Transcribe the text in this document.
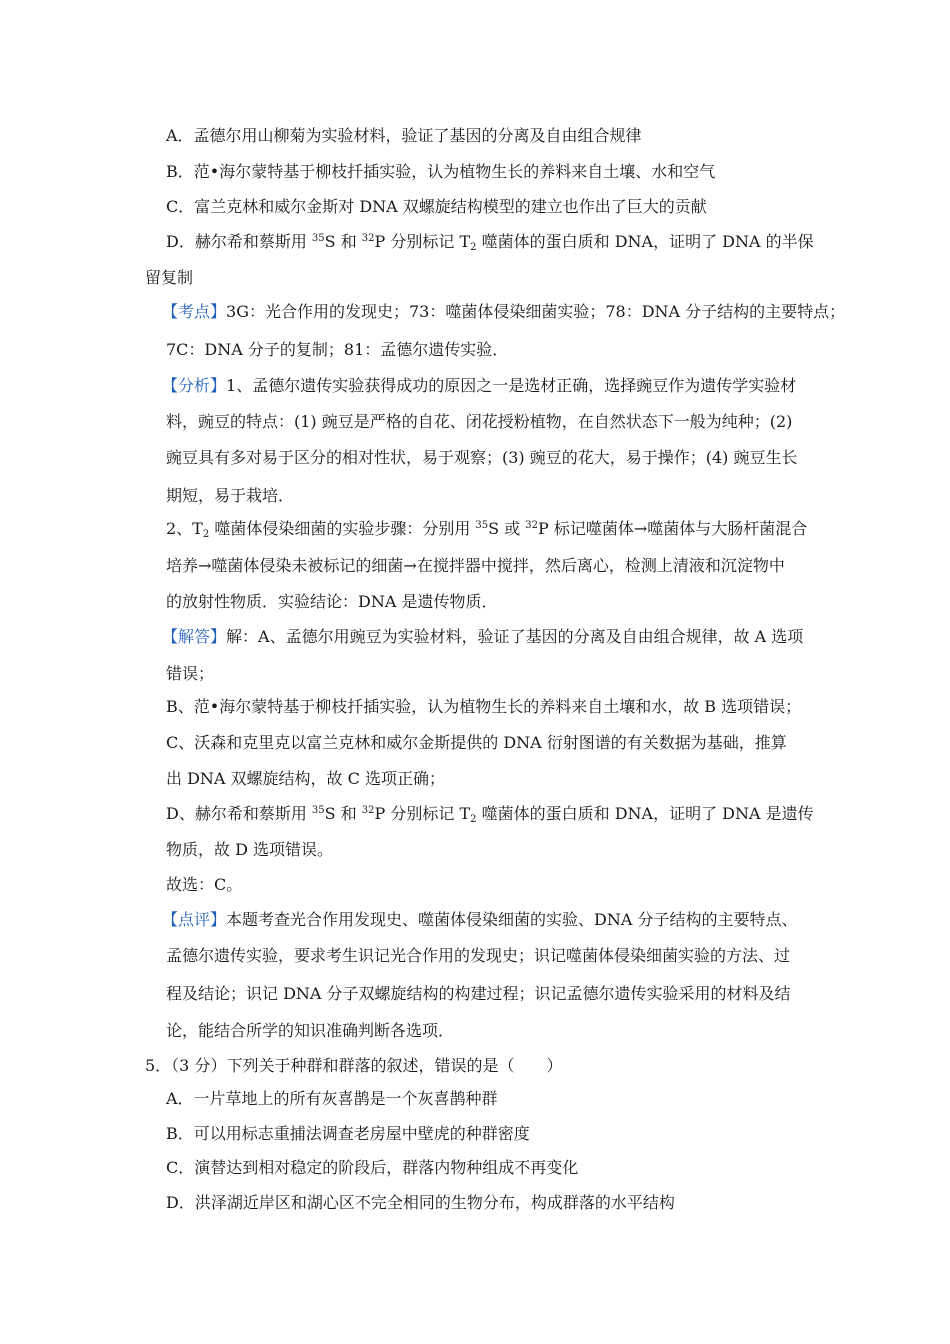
A．孟德尔用山柳菊为实验材料，验证了基因的分离及自由组合规律
B．范•海尔蒙特基于柳枝扦插实验，认为植物生长的养料来自土壤、水和空气
C．富兰克林和威尔金斯对 DNA 双螺旋结构模型的建立也作出了巨大的贡献
D．赫尔希和蔡斯用 $^{35}$S 和 $^{32}$P 分别标记 $T_2$ 噬菌体的蛋白质和 DNA，证明了 DNA 的半保
留复制
【考点】3G：光合作用的发现史；73：噬菌体侵染细菌实验；78：DNA 分子结构的主要特点；
7C：DNA 分子的复制；81：孟德尔遗传实验．
【分析】1、孟德尔遗传实验获得成功的原因之一是选材正确，选择豌豆作为遗传学实验材
料，豌豆的特点：(1) 豌豆是严格的自花、闭花授粉植物，在自然状态下一般为纯种；(2)
豌豆具有多对易于区分的相对性状，易于观察；(3) 豌豆的花大，易于操作；(4) 豌豆生长
期短，易于栽培．
2、$T_2$ 噬菌体侵染细菌的实验步骤：分别用 $^{35}$S 或 $^{32}$P 标记噬菌体→噬菌体与大肠杆菌混合
培养→噬菌体侵染未被标记的细菌→在搅拌器中搅拌，然后离心，检测上清液和沉淀物中
的放射性物质．实验结论：DNA 是遗传物质．
【解答】解：A、孟德尔用豌豆为实验材料，验证了基因的分离及自由组合规律，故 A 选项
错误；
B、范•海尔蒙特基于柳枝扦插实验，认为植物生长的养料来自土壤和水，故 B 选项错误；
C、沃森和克里克以富兰克林和威尔金斯提供的 DNA 衍射图谱的有关数据为基础，推算
出 DNA 双螺旋结构，故 C 选项正确；
D、赫尔希和蔡斯用 $^{35}$S 和 $^{32}$P 分别标记 $T_2$ 噬菌体的蛋白质和 DNA，证明了 DNA 是遗传
物质，故 D 选项错误。
故选：C。
【点评】本题考查光合作用发现史、噬菌体侵染细菌的实验、DNA 分子结构的主要特点、
孟德尔遗传实验，要求考生识记光合作用的发现史；识记噬菌体侵染细菌实验的方法、过
程及结论；识记 DNA 分子双螺旋结构的构建过程；识记孟德尔遗传实验采用的材料及结
论，能结合所学的知识准确判断各选项．
5．（3 分）下列关于种群和群落的叙述，错误的是（　　）
A．一片草地上的所有灰喜鹊是一个灰喜鹊种群
B．可以用标志重捕法调查老房屋中壁虎的种群密度
C．演替达到相对稳定的阶段后，群落内物种组成不再变化
D．洪泽湖近岸区和湖心区不完全相同的生物分布，构成群落的水平结构
